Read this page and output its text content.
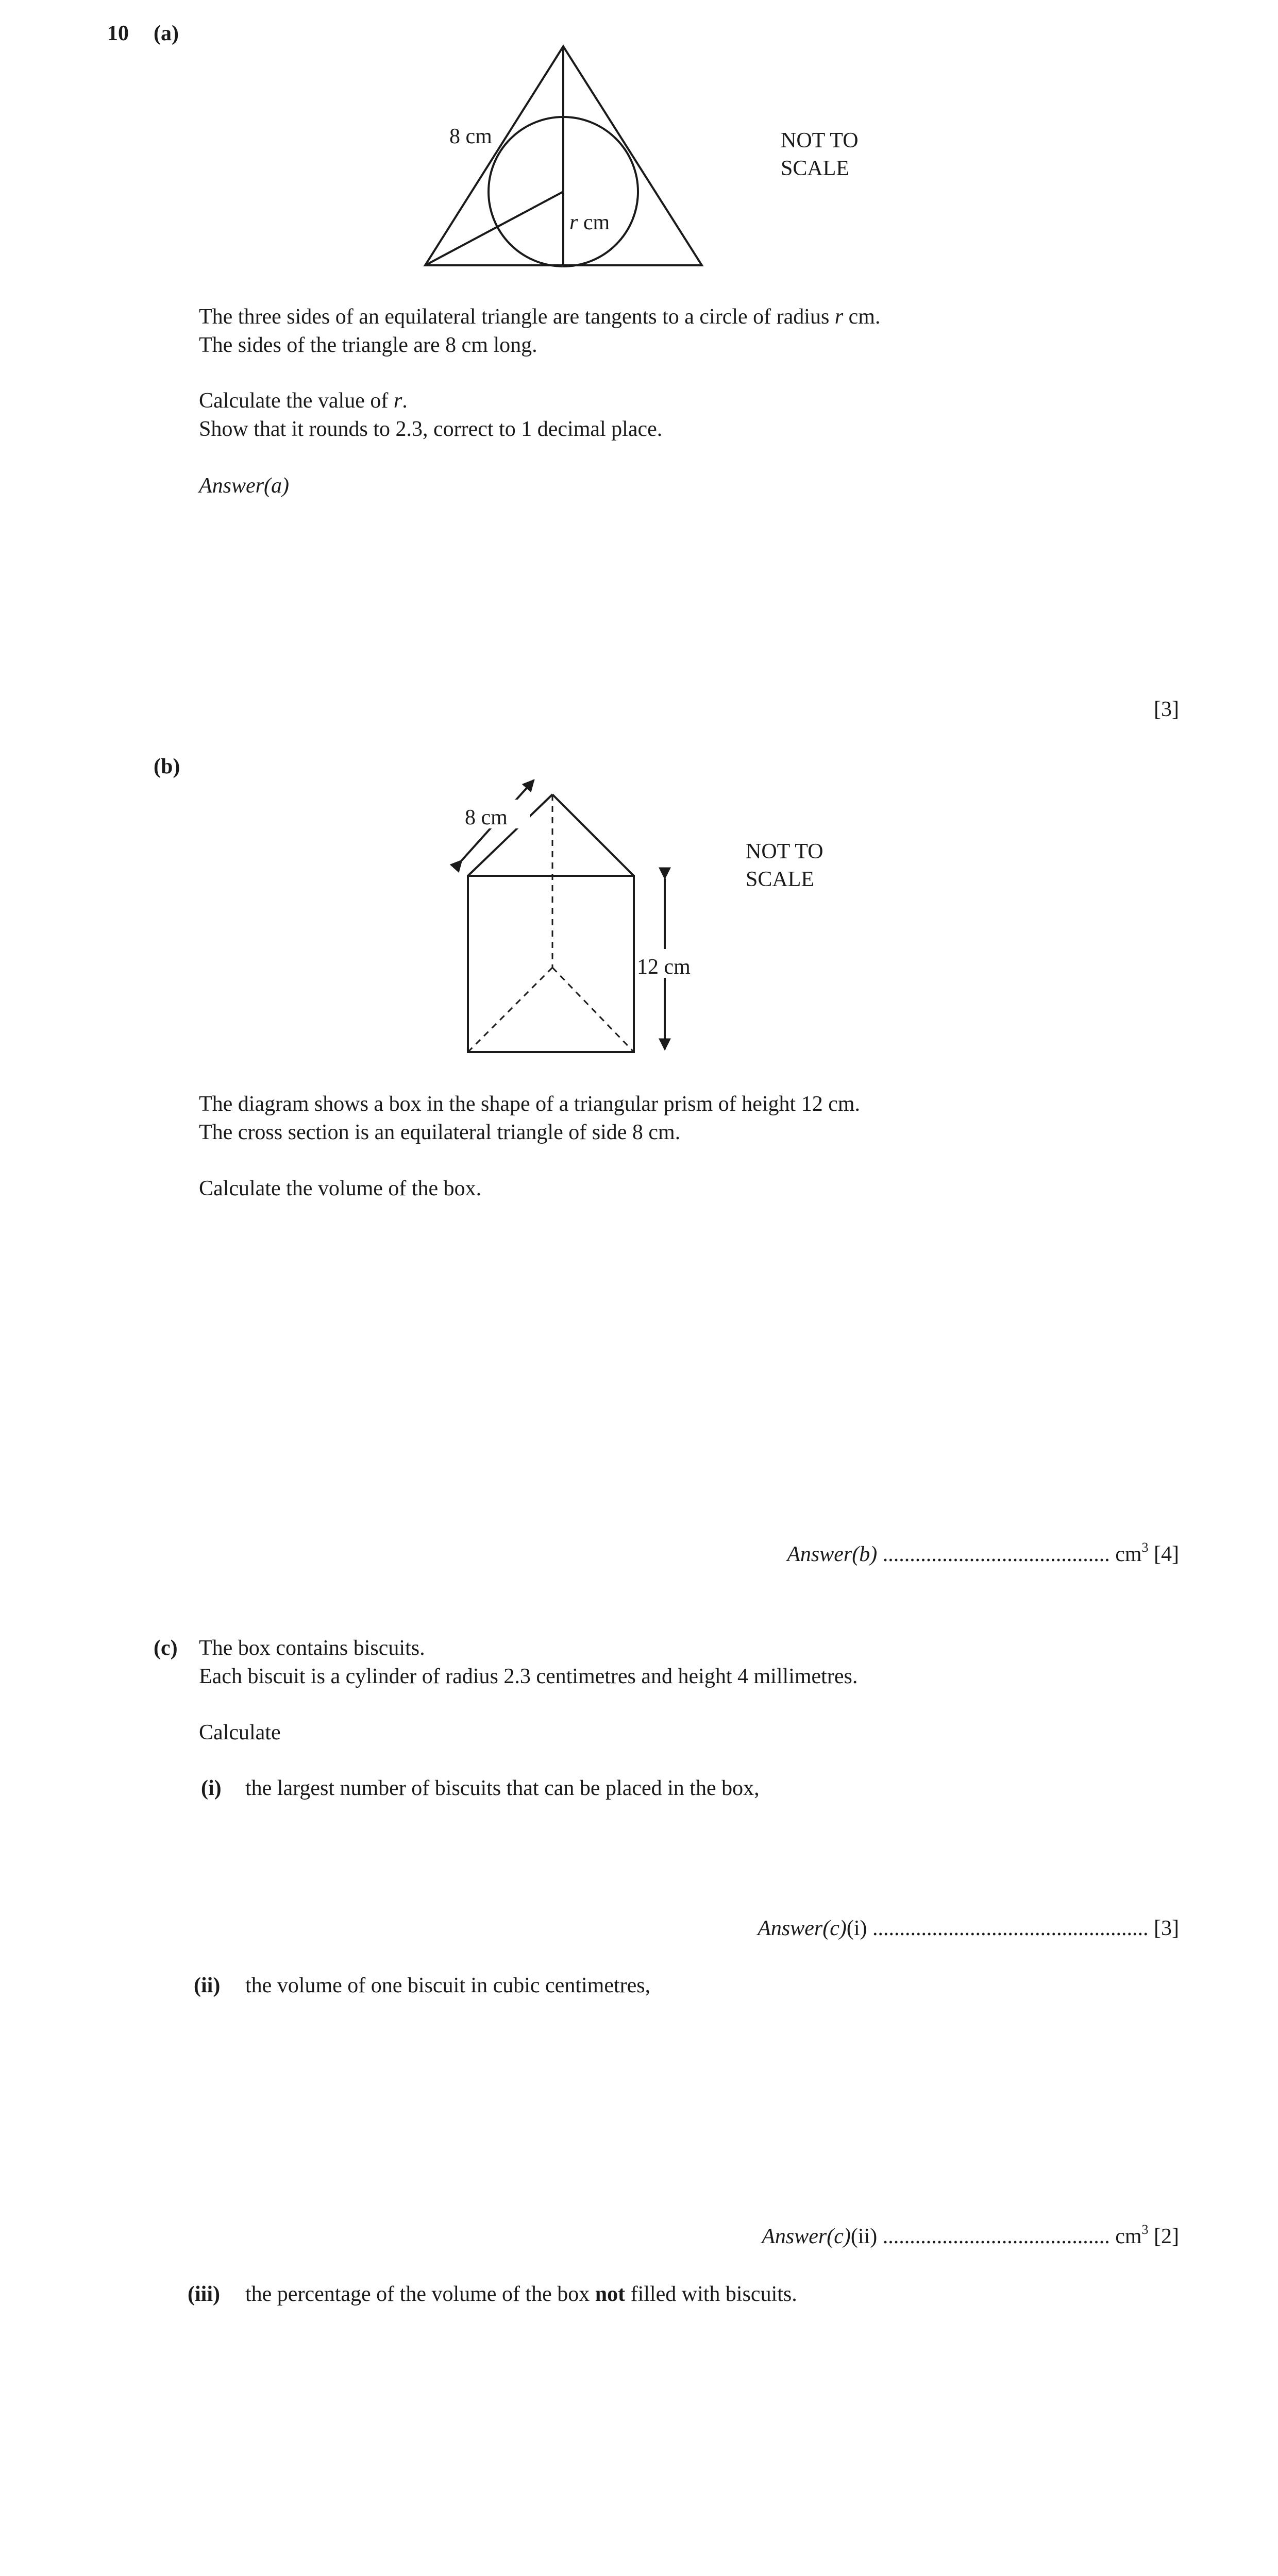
10 (a)
8 cm
r cm
NOT TO
SCALE
The three sides of an equilateral triangle are tangents to a circle of radius r cm.
The sides of the triangle are 8 cm long.
Calculate the value of r.
Show that it rounds to 2.3, correct to 1 decimal place.
Answer(a)
[3]
(b)
8 cm
12 cm
NOT TO
SCALE
The diagram shows a box in the shape of a triangular prism of height 12 cm.
The cross section is an equilateral triangle of side 8 cm.
Calculate the volume of the box.
Answer(b) .......................................... $cm^3$ [4]
(c) The box contains biscuits.
Each biscuit is a cylinder of radius 2.3 centimetres and height 4 millimetres.
Calculate
(i) the largest number of biscuits that can be placed in the box,
Answer(c)(i) ................................................... [3]
(ii) the volume of one biscuit in cubic centimetres,
Answer(c)(ii) .......................................... $cm^3$ [2]
(iii) the percentage of the volume of the box not filled with biscuits.
